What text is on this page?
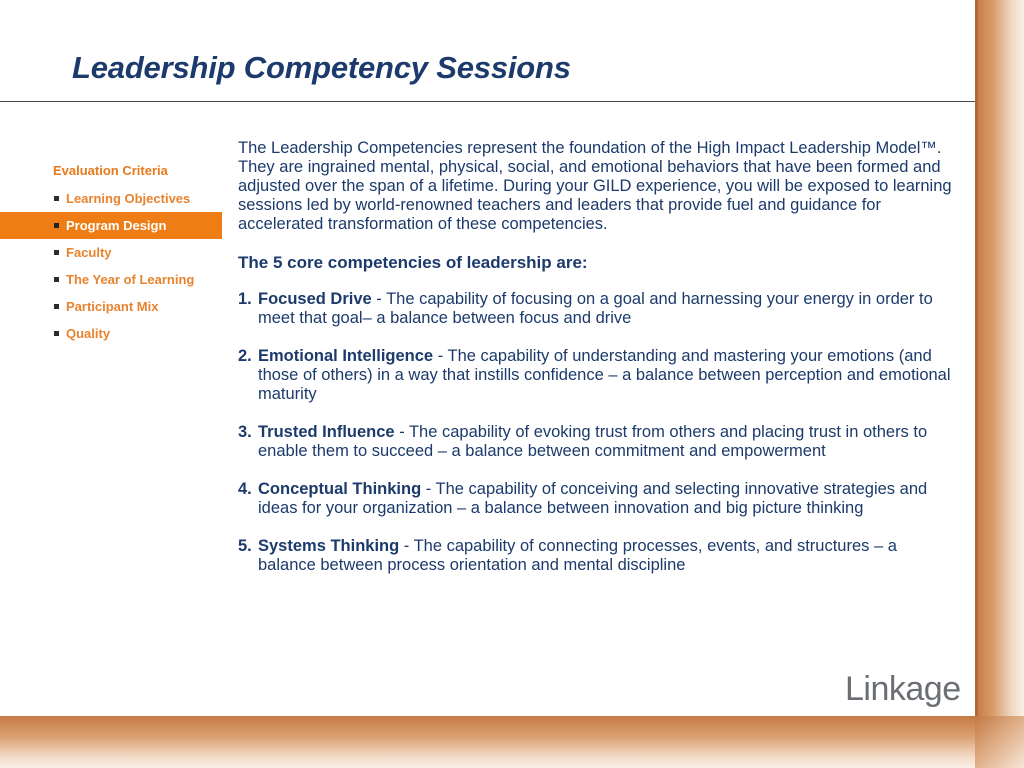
Leadership Competency Sessions
Evaluation Criteria
Learning Objectives
Program Design
Faculty
The Year of Learning
Participant Mix
Quality

The Leadership Competencies represent the foundation of the High Impact Leadership Model™. They are ingrained mental, physical, social, and emotional behaviors that have been formed and adjusted over the span of a lifetime. During your GILD experience, you will be exposed to learning sessions led by world-renowned teachers and leaders that provide fuel and guidance for accelerated transformation of these competencies.

The 5 core competencies of leadership are:

1. Focused Drive - The capability of focusing on a goal and harnessing your energy in order to meet that goal– a balance between focus and drive
2. Emotional Intelligence - The capability of understanding and mastering your emotions (and those of others) in a way that instills confidence – a balance between perception and emotional maturity
3. Trusted Influence - The capability of evoking trust from others and placing trust in others to enable them to succeed – a balance between commitment and empowerment
4. Conceptual Thinking - The capability of conceiving and selecting innovative strategies and ideas for your organization – a balance between innovation and big picture thinking
5. Systems Thinking - The capability of connecting processes, events, and structures – a balance between process orientation and mental discipline
Linkage
